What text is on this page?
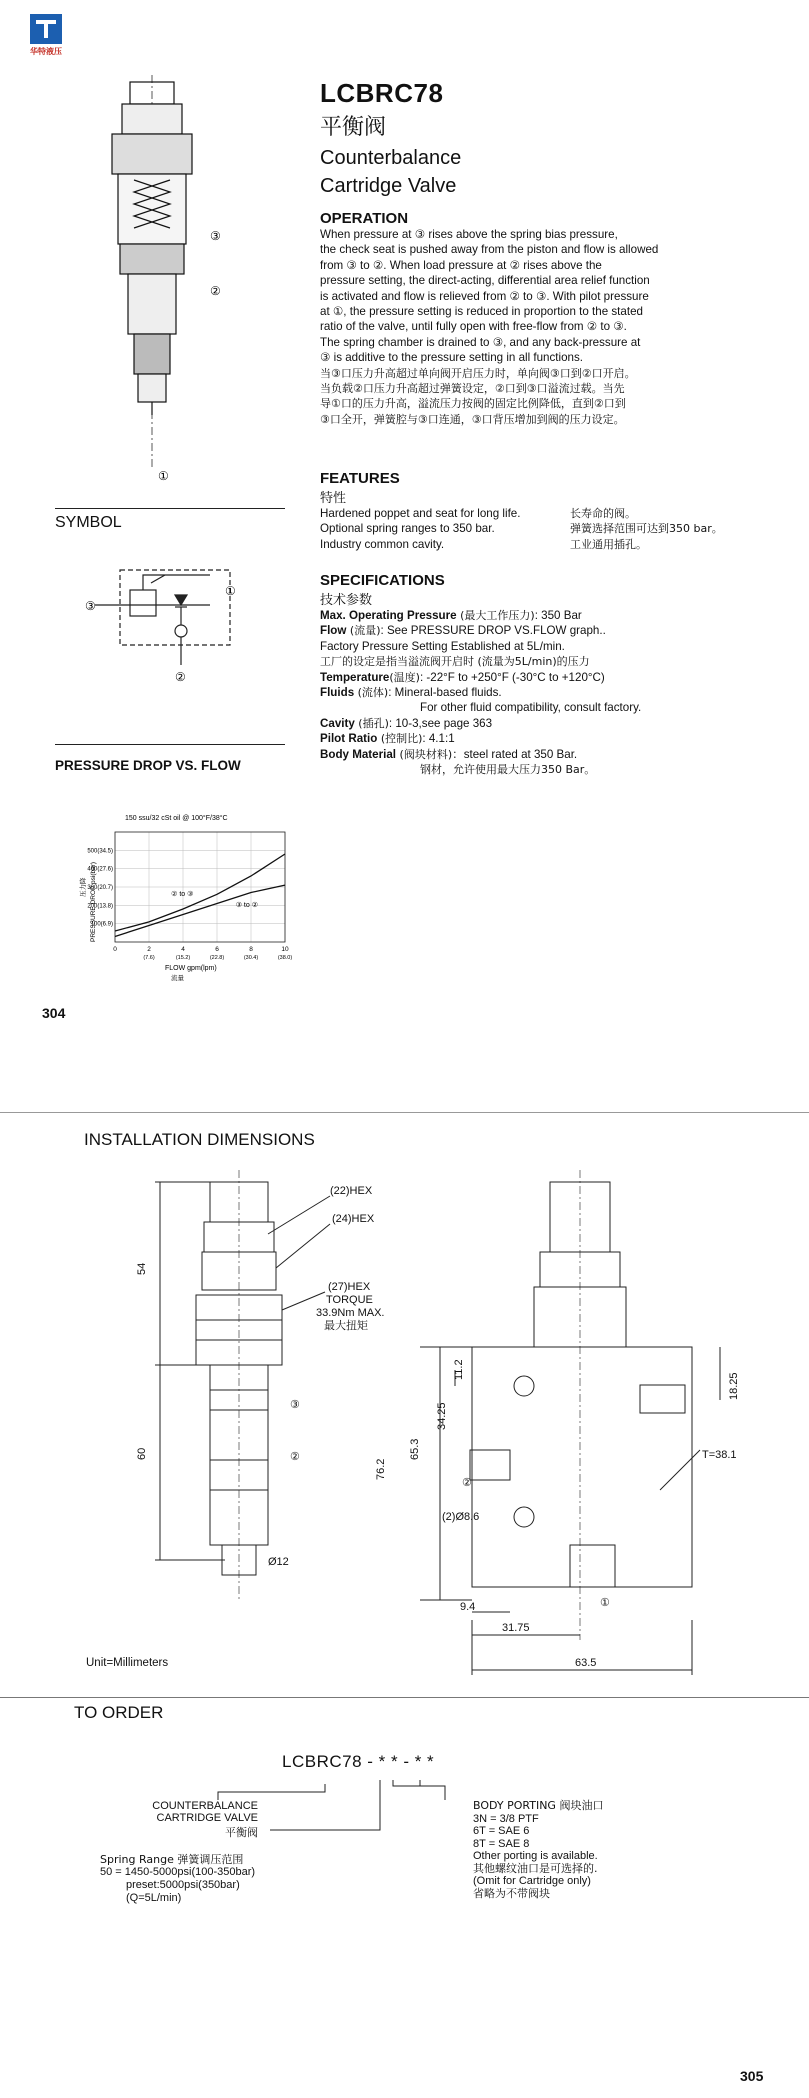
华特液压
③
②
①
LCBRC78
平衡阀
Counterbalance
Cartridge Valve
OPERATION
When pressure at ③ rises above the spring bias pressure,
the check seat is pushed away from the piston and flow is allowed
from ③ to ②. When load pressure at ② rises above the
pressure setting, the direct-acting, differential area relief function
is activated and flow is relieved from ② to ③. With pilot pressure
at ①, the pressure setting is reduced in proportion to the stated
ratio of the valve, until fully open with free-flow from ② to ③.
The spring chamber is drained to ③, and any back-pressure at
③ is additive to the pressure setting in all functions.
当③口压力升高超过单向阀开启压力时，单向阀③口到②口开启。
当负载②口压力升高超过弹簧设定，②口到③口溢流过载。当先
导①口的压力升高，溢流压力按阀的固定比例降低，直到②口到
③口全开，弹簧腔与③口连通，③口背压增加到阀的压力设定。
SYMBOL
①
③
②
PRESSURE DROP VS. FLOW
150 ssu/32 cSt oil @ 100°F/38°C
100(6.9)
200(13.8)
300(20.7)
400(27.6)
500(34.5)
0	2
(7.6)
4
(15.2)
6
(22.8)
8
(30.4)
10
(38.0)
② to ③
③ to ②
PRESSURE DROP psi(bar)
压力降
FLOW gpm(lpm)
流量
304
FEATURES
特性
Hardened poppet and seat for long life.	长寿命的阀。
Optional spring ranges to 350 bar.	弹簧选择范围可达到350 bar。
Industry common cavity.	工业通用插孔。
SPECIFICATIONS
技术参数
Max. Operating Pressure (最大工作压力): 350 Bar
Flow (流量): See PRESSURE DROP VS.FLOW graph..
Factory Pressure Setting Established at 5L/min.
工厂的设定是指当溢流阀开启时 (流量为5L/min)的压力
Temperature(温度): -22°F to +250°F (-30°C to +120°C)
Fluids (流体): Mineral-based fluids.
For other fluid compatibility, consult factory.
Cavity (插孔): 10-3,see page 363
Pilot Ratio (控制比): 4.1:1
Body Material (阀块材料)：steel rated at 350 Bar.
钢材，允许使用最大压力350 Bar。
INSTALLATION DIMENSIONS
(22)HEX
(24)HEX
(27)HEX
TORQUE
33.9Nm MAX.
最大扭矩
54
60
Ø12
③
②
11.2
34.25
65.3
76.2
18.25
(2)Ø8.6
T=38.1
9.4
31.75
63.5
②
①
Unit=Millimeters
TO ORDER
LCBRC78 - * * - * *
COUNTERBALANCE
CARTRIDGE VALVE
平衡阀
Spring Range 弹簧调压范围
50 = 1450-5000psi(100-350bar)
preset:5000psi(350bar)
(Q=5L/min)
BODY PORTING 阀块油口
3N = 3/8 PTF
6T = SAE 6
8T = SAE 8
Other porting is available.
其他螺纹油口是可选择的.
(Omit for Cartridge only)
省略为不带阀块
305
